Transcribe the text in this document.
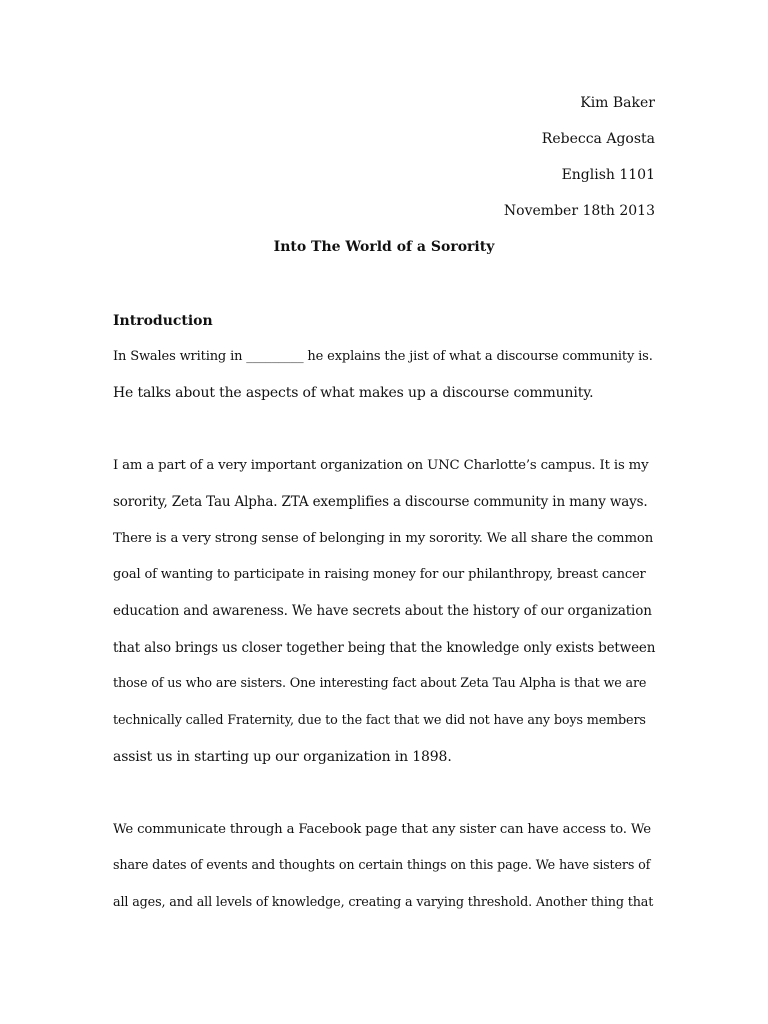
Kim Baker
Rebecca Agosta
English 1101
November 18th 2013
Into The World of a Sorority
Introduction
In Swales writing in _________ he explains the jist of what a discourse community is.
He talks about the aspects of what makes up a discourse community.
I am a part of a very important organization on UNC Charlotte’s campus. It is my
sorority, Zeta Tau Alpha. ZTA exemplifies a discourse community in many ways.
There is a very strong sense of belonging in my sorority. We all share the common
goal of wanting to participate in raising money for our philanthropy, breast cancer
education and awareness. We have secrets about the history of our organization
that also brings us closer together being that the knowledge only exists between
those of us who are sisters. One interesting fact about Zeta Tau Alpha is that we are
technically called Fraternity, due to the fact that we did not have any boys members
assist us in starting up our organization in 1898.
We communicate through a Facebook page that any sister can have access to. We
share dates of events and thoughts on certain things on this page. We have sisters of
all ages, and all levels of knowledge, creating a varying threshold. Another thing that
